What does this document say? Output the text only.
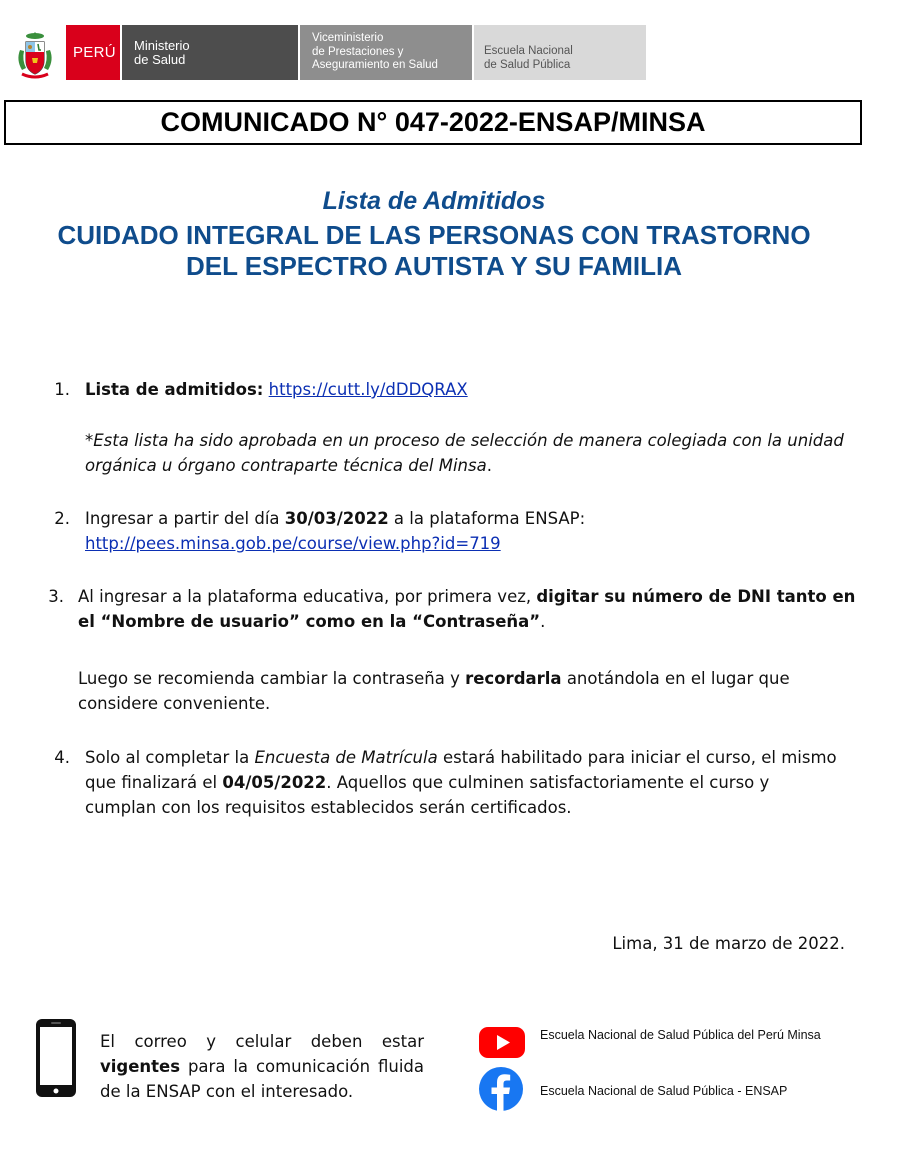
PERÚ Ministerio
de Salud
Viceministerio
de Prestaciones y
Aseguramiento en Salud
Escuela Nacional
de Salud Pública
COMUNICADO N° 047-2022-ENSAP/MINSA
Lista de Admitidos
CUIDADO INTEGRAL DE LAS PERSONAS CON TRASTORNO
DEL ESPECTRO AUTISTA Y SU FAMILIA
1. Lista de admitidos: https://cutt.ly/dDDQRAX
*Esta lista ha sido aprobada en un proceso de selección de manera colegiada con la unidad
orgánica u órgano contraparte técnica del Minsa.
2. Ingresar a partir del día 30/03/2022 a la plataforma ENSAP:
http://pees.minsa.gob.pe/course/view.php?id=719
3. Al ingresar a la plataforma educativa, por primera vez, digitar su número de DNI tanto en
el “Nombre de usuario” como en la “Contraseña”.
Luego se recomienda cambiar la contraseña y recordarla anotándola en el lugar que
considere conveniente.
4. Solo al completar la Encuesta de Matrícula estará habilitado para iniciar el curso, el mismo
que finalizará el 04/05/2022. Aquellos que culminen satisfactoriamente el curso y
cumplan con los requisitos establecidos serán certificados.
Lima, 31 de marzo de 2022.
El correo y celular deben estar
vigentes para la comunicación fluida
de la ENSAP con el interesado.
Escuela Nacional de Salud Pública del Perú Minsa
Escuela Nacional de Salud Pública - ENSAP
